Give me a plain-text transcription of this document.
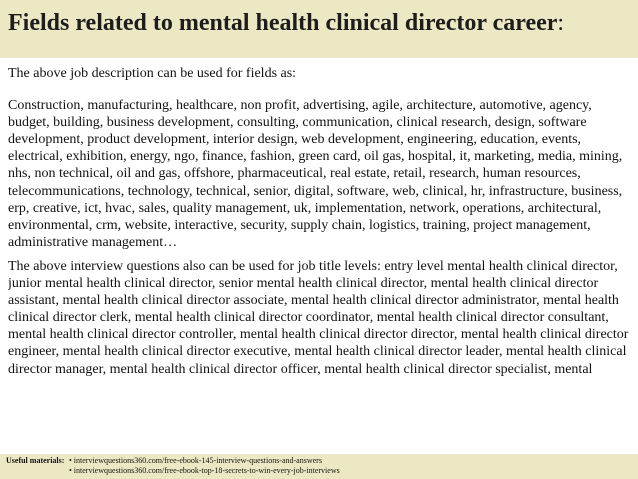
Fields related to mental health clinical director career:

The above job description can be used for fields as:

Construction, manufacturing, healthcare, non profit, advertising, agile, architecture, automotive, agency, budget, building, business development, consulting, communication, clinical research, design, software development, product development, interior design, web development, engineering, education, events, electrical, exhibition, energy, ngo, finance, fashion, green card, oil gas, hospital, it, marketing, media, mining, nhs, non technical, oil and gas, offshore, pharmaceutical, real estate, retail, research, human resources, telecommunications, technology, technical, senior, digital, software, web, clinical, hr, infrastructure, business, erp, creative, ict, hvac, sales, quality management, uk, implementation, network, operations, architectural, environmental, crm, website, interactive, security, supply chain, logistics, training, project management, administrative management…

The above interview questions also can be used for job title levels: entry level mental health clinical director, junior mental health clinical director, senior mental health clinical director, mental health clinical director assistant, mental health clinical director associate, mental health clinical director administrator, mental health clinical director clerk, mental health clinical director coordinator, mental health clinical director consultant, mental health clinical director controller, mental health clinical director director, mental health clinical director engineer, mental health clinical director executive, mental health clinical director leader, mental health clinical director manager, mental health clinical director officer, mental health clinical director specialist, mental

Useful materials: • interviewquestions360.com/free-ebook-145-interview-questions-and-answers
• interviewquestions360.com/free-ebook-top-18-secrets-to-win-every-job-interviews
